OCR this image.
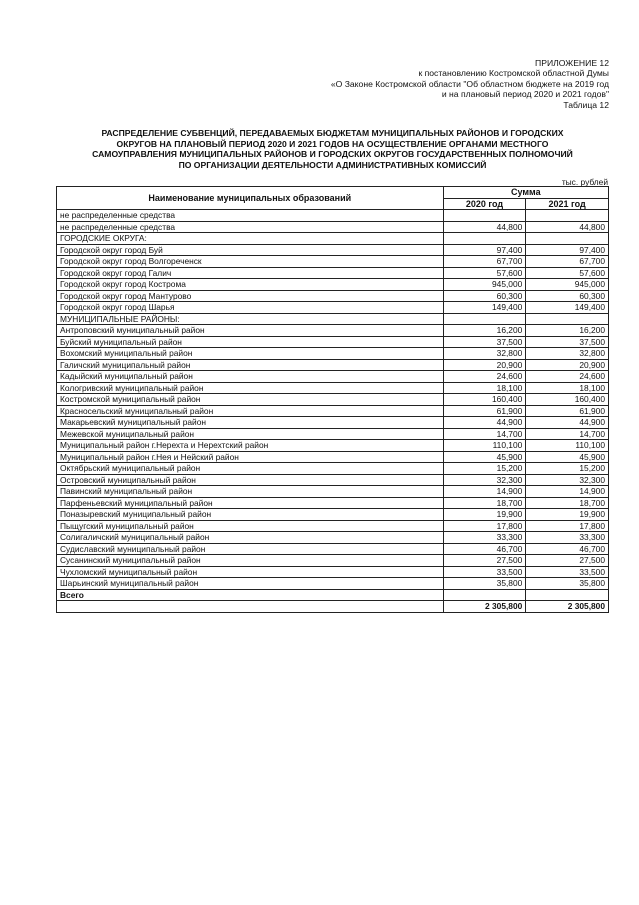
ПРИЛОЖЕНИЕ 12
к постановлению Костромской областной Думы
«О Законе Костромской области "Об областном бюджете на 2019 год
и на плановый период 2020 и 2021 годов"
Таблица 12
РАСПРЕДЕЛЕНИЕ СУБВЕНЦИЙ, ПЕРЕДАВАЕМЫХ БЮДЖЕТАМ МУНИЦИПАЛЬНЫХ РАЙОНОВ И ГОРОДСКИХ
ОКРУГОВ НА ПЛАНОВЫЙ ПЕРИОД 2020 И 2021 ГОДОВ НА ОСУЩЕСТВЛЕНИЕ ОРГАНАМИ МЕСТНОГО
САМОУПРАВЛЕНИЯ МУНИЦИПАЛЬНЫХ РАЙОНОВ И ГОРОДСКИХ ОКРУГОВ ГОСУДАРСТВЕННЫХ ПОЛНОМОЧИЙ
ПО ОРГАНИЗАЦИИ ДЕЯТЕЛЬНОСТИ АДМИНИСТРАТИВНЫХ КОМИССИЙ
тыс. рублей
Наименование муниципальных образований	Сумма	
	2020 год	2021 год
не распределенные средства		
не распределенные средства	44,800	44,800
ГОРОДСКИЕ ОКРУГА:		
Городской округ город Буй	97,400	97,400
Городской округ город Волгореченск	67,700	67,700
Городской округ город Галич	57,600	57,600
Городской округ город Кострома	945,000	945,000
Городской округ город Мантурово	60,300	60,300
Городской округ город Шарья	149,400	149,400
МУНИЦИПАЛЬНЫЕ РАЙОНЫ:		
Антроповский муниципальный район	16,200	16,200
Буйский муниципальный район	37,500	37,500
Вохомский муниципальный район	32,800	32,800
Галичский муниципальный район	20,900	20,900
Кадыйский муниципальный район	24,600	24,600
Кологривский муниципальный район	18,100	18,100
Костромской муниципальный район	160,400	160,400
Красносельский муниципальный район	61,900	61,900
Макарьевский муниципальный район	44,900	44,900
Межевской муниципальный район	14,700	14,700
Муниципальный район г.Нерехта и Нерехтский район	110,100	110,100
Муниципальный район г.Нея и Нейский район	45,900	45,900
Октябрьский муниципальный район	15,200	15,200
Островский муниципальный район	32,300	32,300
Павинский муниципальный район	14,900	14,900
Парфеньевский муниципальный район	18,700	18,700
Поназыревский муниципальный район	19,900	19,900
Пыщугский муниципальный район	17,800	17,800
Солигаличский муниципальный район	33,300	33,300
Судиславский муниципальный район	46,700	46,700
Сусанинский муниципальный район	27,500	27,500
Чухломский муниципальный район	33,500	33,500
Шарьинский муниципальный район	35,800	35,800
Всего		
	2 305,800	2 305,800
